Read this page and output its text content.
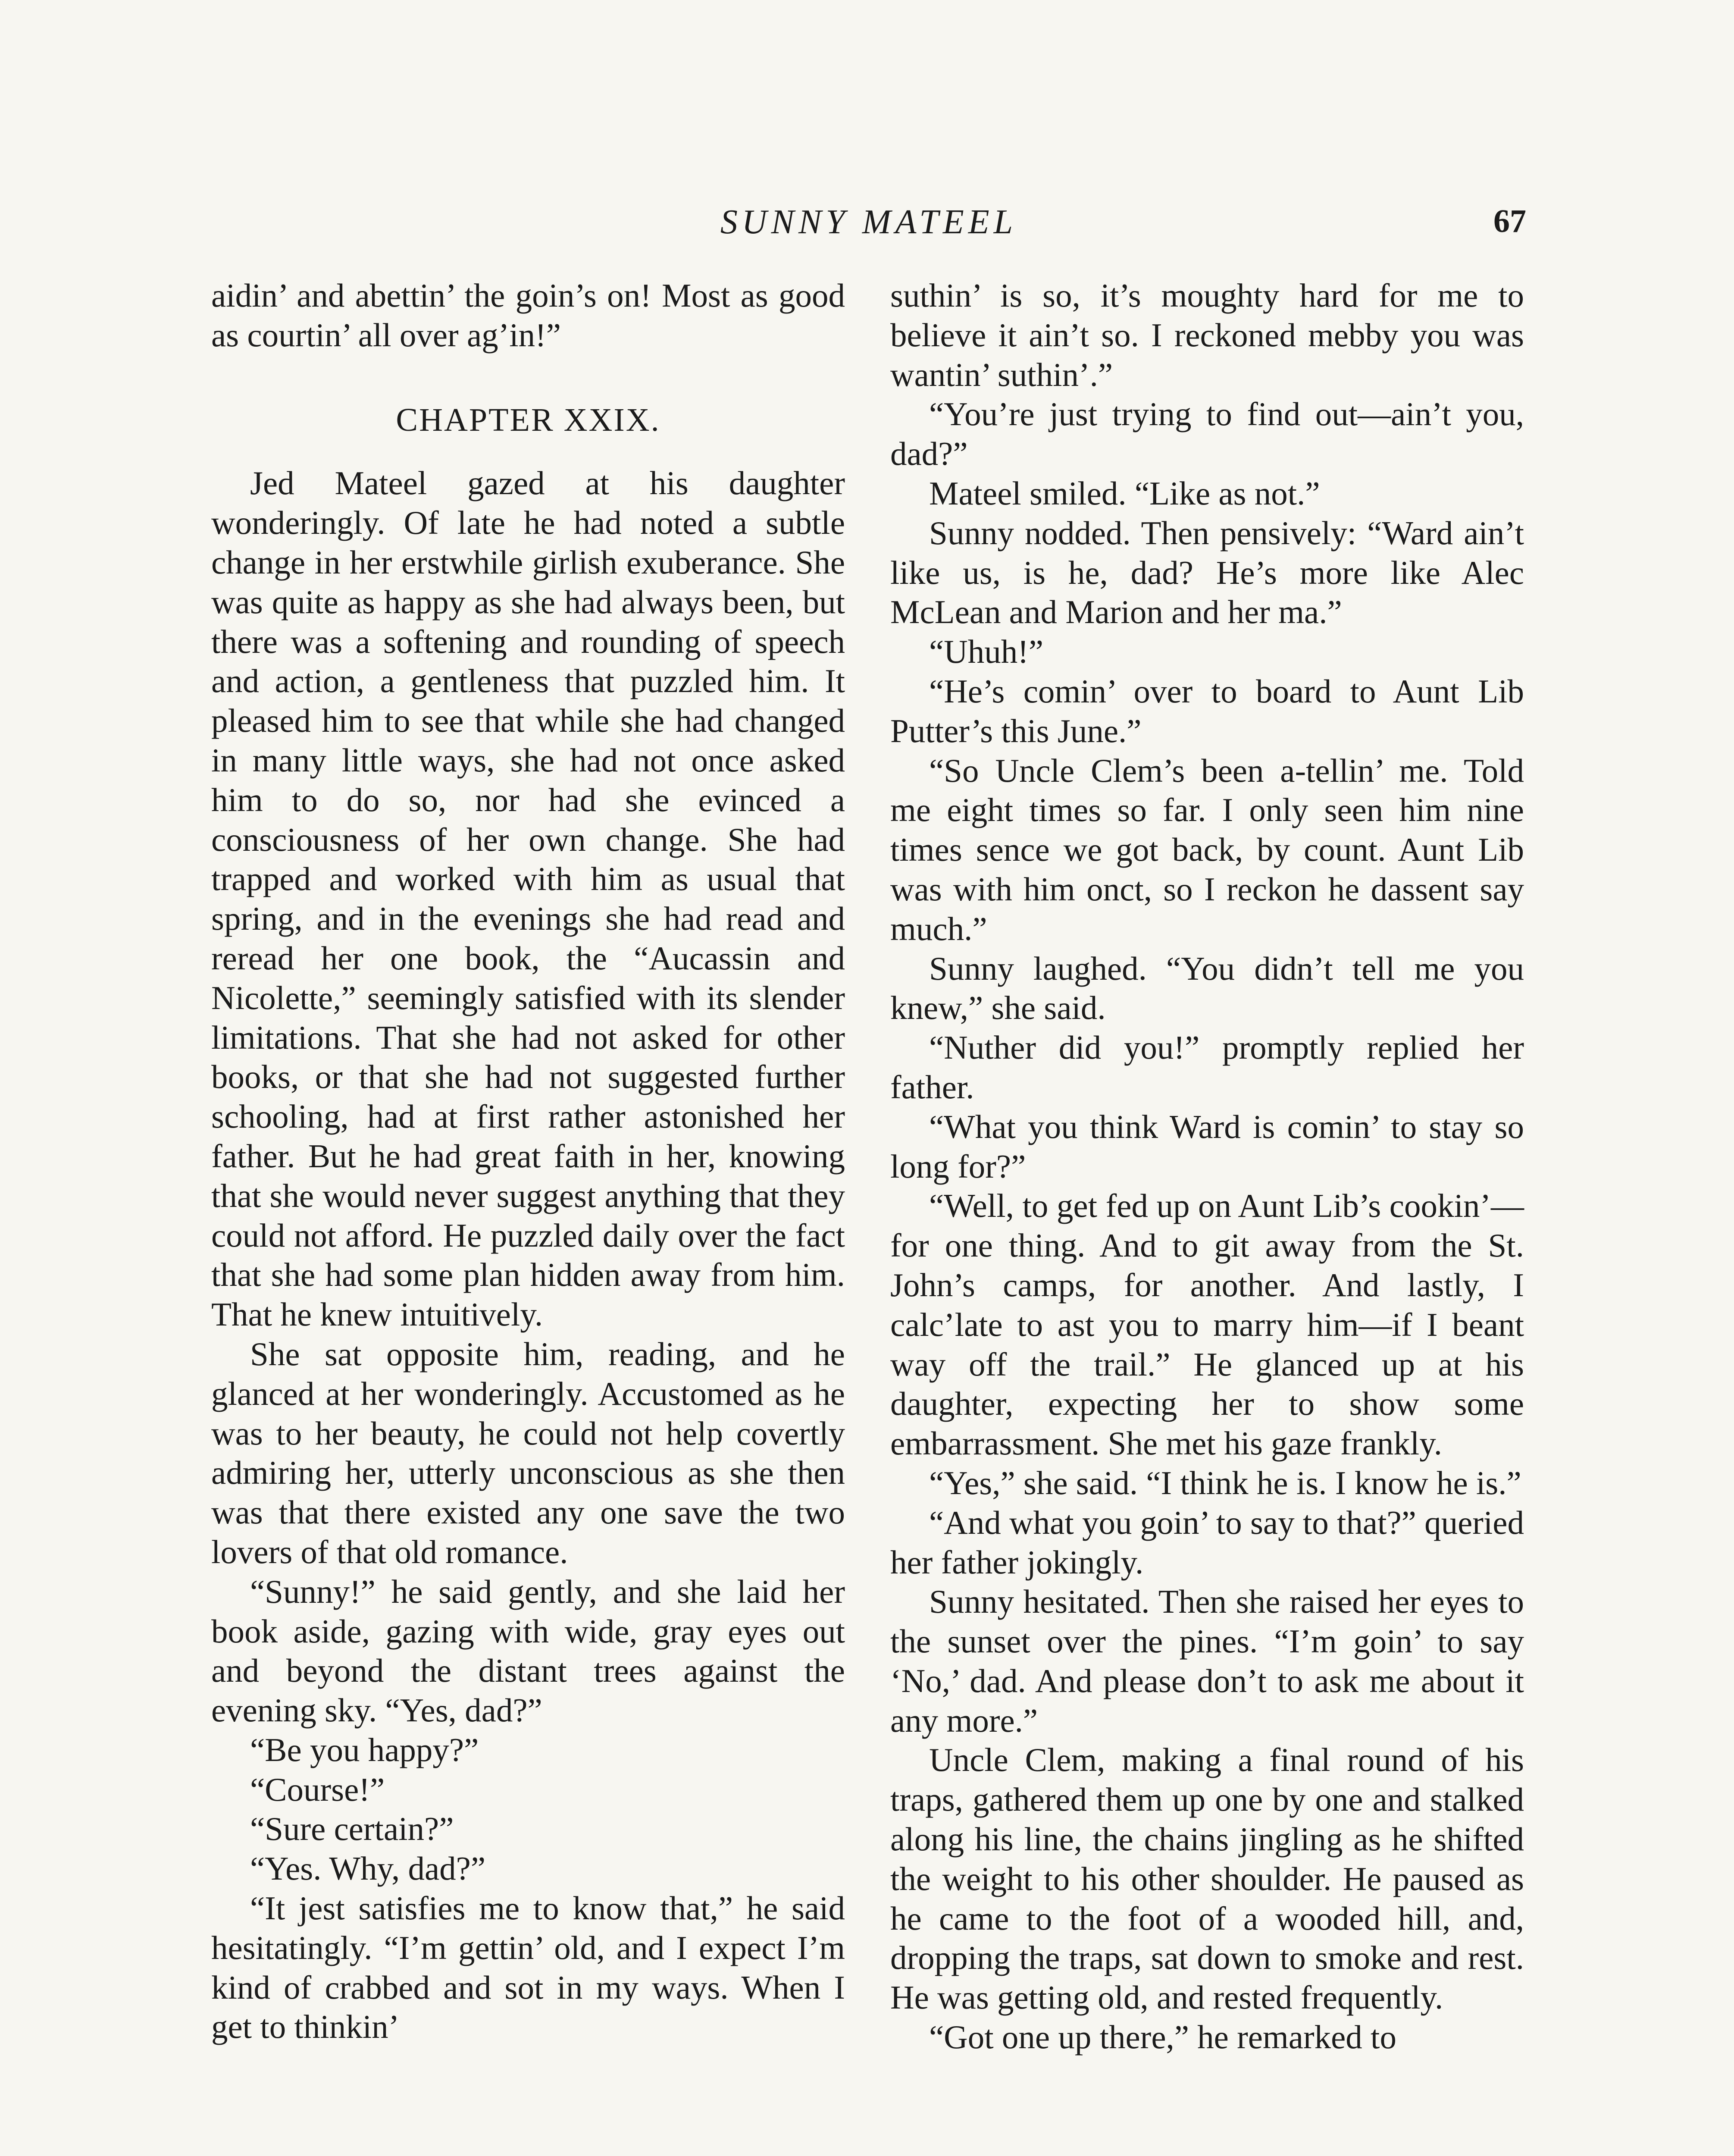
SUNNY MATEEL	67

aidin’ and abettin’ the goin’s on! Most as good as courtin’ all over ag’in!”

CHAPTER XXIX.

Jed Mateel gazed at his daughter wonderingly. Of late he had noted a subtle change in her erstwhile girlish exuberance. She was quite as happy as she had always been, but there was a softening and rounding of speech and action, a gentleness that puzzled him. It pleased him to see that while she had changed in many little ways, she had not once asked him to do so, nor had she evinced a consciousness of her own change. She had trapped and worked with him as usual that spring, and in the evenings she had read and reread her one book, the “Aucassin and Nicolette,” seemingly satisfied with its slender limitations. That she had not asked for other books, or that she had not suggested further schooling, had at first rather astonished her father. But he had great faith in her, knowing that she would never suggest anything that they could not afford. He puzzled daily over the fact that she had some plan hidden away from him. That he knew intuitively.

She sat opposite him, reading, and he glanced at her wonderingly. Accustomed as he was to her beauty, he could not help covertly admiring her, utterly unconscious as she then was that there existed any one save the two lovers of that old romance.

“Sunny!” he said gently, and she laid her book aside, gazing with wide, gray eyes out and beyond the distant trees against the evening sky. “Yes, dad?”

“Be you happy?”

“Course!”

“Sure certain?”

“Yes. Why, dad?”

“It jest satisfies me to know that,” he said hesitatingly. “I’m gettin’ old, and I expect I’m kind of crabbed and sot in my ways. When I get to thinkin’

suthin’ is so, it’s moughty hard for me to believe it ain’t so. I reckoned mebby you was wantin’ suthin’.”

“You’re just trying to find out—ain’t you, dad?”

Mateel smiled. “Like as not.”

Sunny nodded. Then pensively: “Ward ain’t like us, is he, dad? He’s more like Alec McLean and Marion and her ma.”

“Uhuh!”

“He’s comin’ over to board to Aunt Lib Putter’s this June.”

“So Uncle Clem’s been a-tellin’ me. Told me eight times so far. I only seen him nine times sence we got back, by count. Aunt Lib was with him onct, so I reckon he dassent say much.”

Sunny laughed. “You didn’t tell me you knew,” she said.

“Nuther did you!” promptly replied her father.

“What you think Ward is comin’ to stay so long for?”

“Well, to get fed up on Aunt Lib’s cookin’—for one thing. And to git away from the St. John’s camps, for another. And lastly, I calc’late to ast you to marry him—if I beant way off the trail.” He glanced up at his daughter, expecting her to show some embarrassment. She met his gaze frankly.

“Yes,” she said. “I think he is. I know he is.”

“And what you goin’ to say to that?” queried her father jokingly.

Sunny hesitated. Then she raised her eyes to the sunset over the pines. “I’m goin’ to say ‘No,’ dad. And please don’t to ask me about it any more.”

Uncle Clem, making a final round of his traps, gathered them up one by one and stalked along his line, the chains jingling as he shifted the weight to his other shoulder. He paused as he came to the foot of a wooded hill, and, dropping the traps, sat down to smoke and rest. He was getting old, and rested frequently.

“Got one up there,” he remarked to
